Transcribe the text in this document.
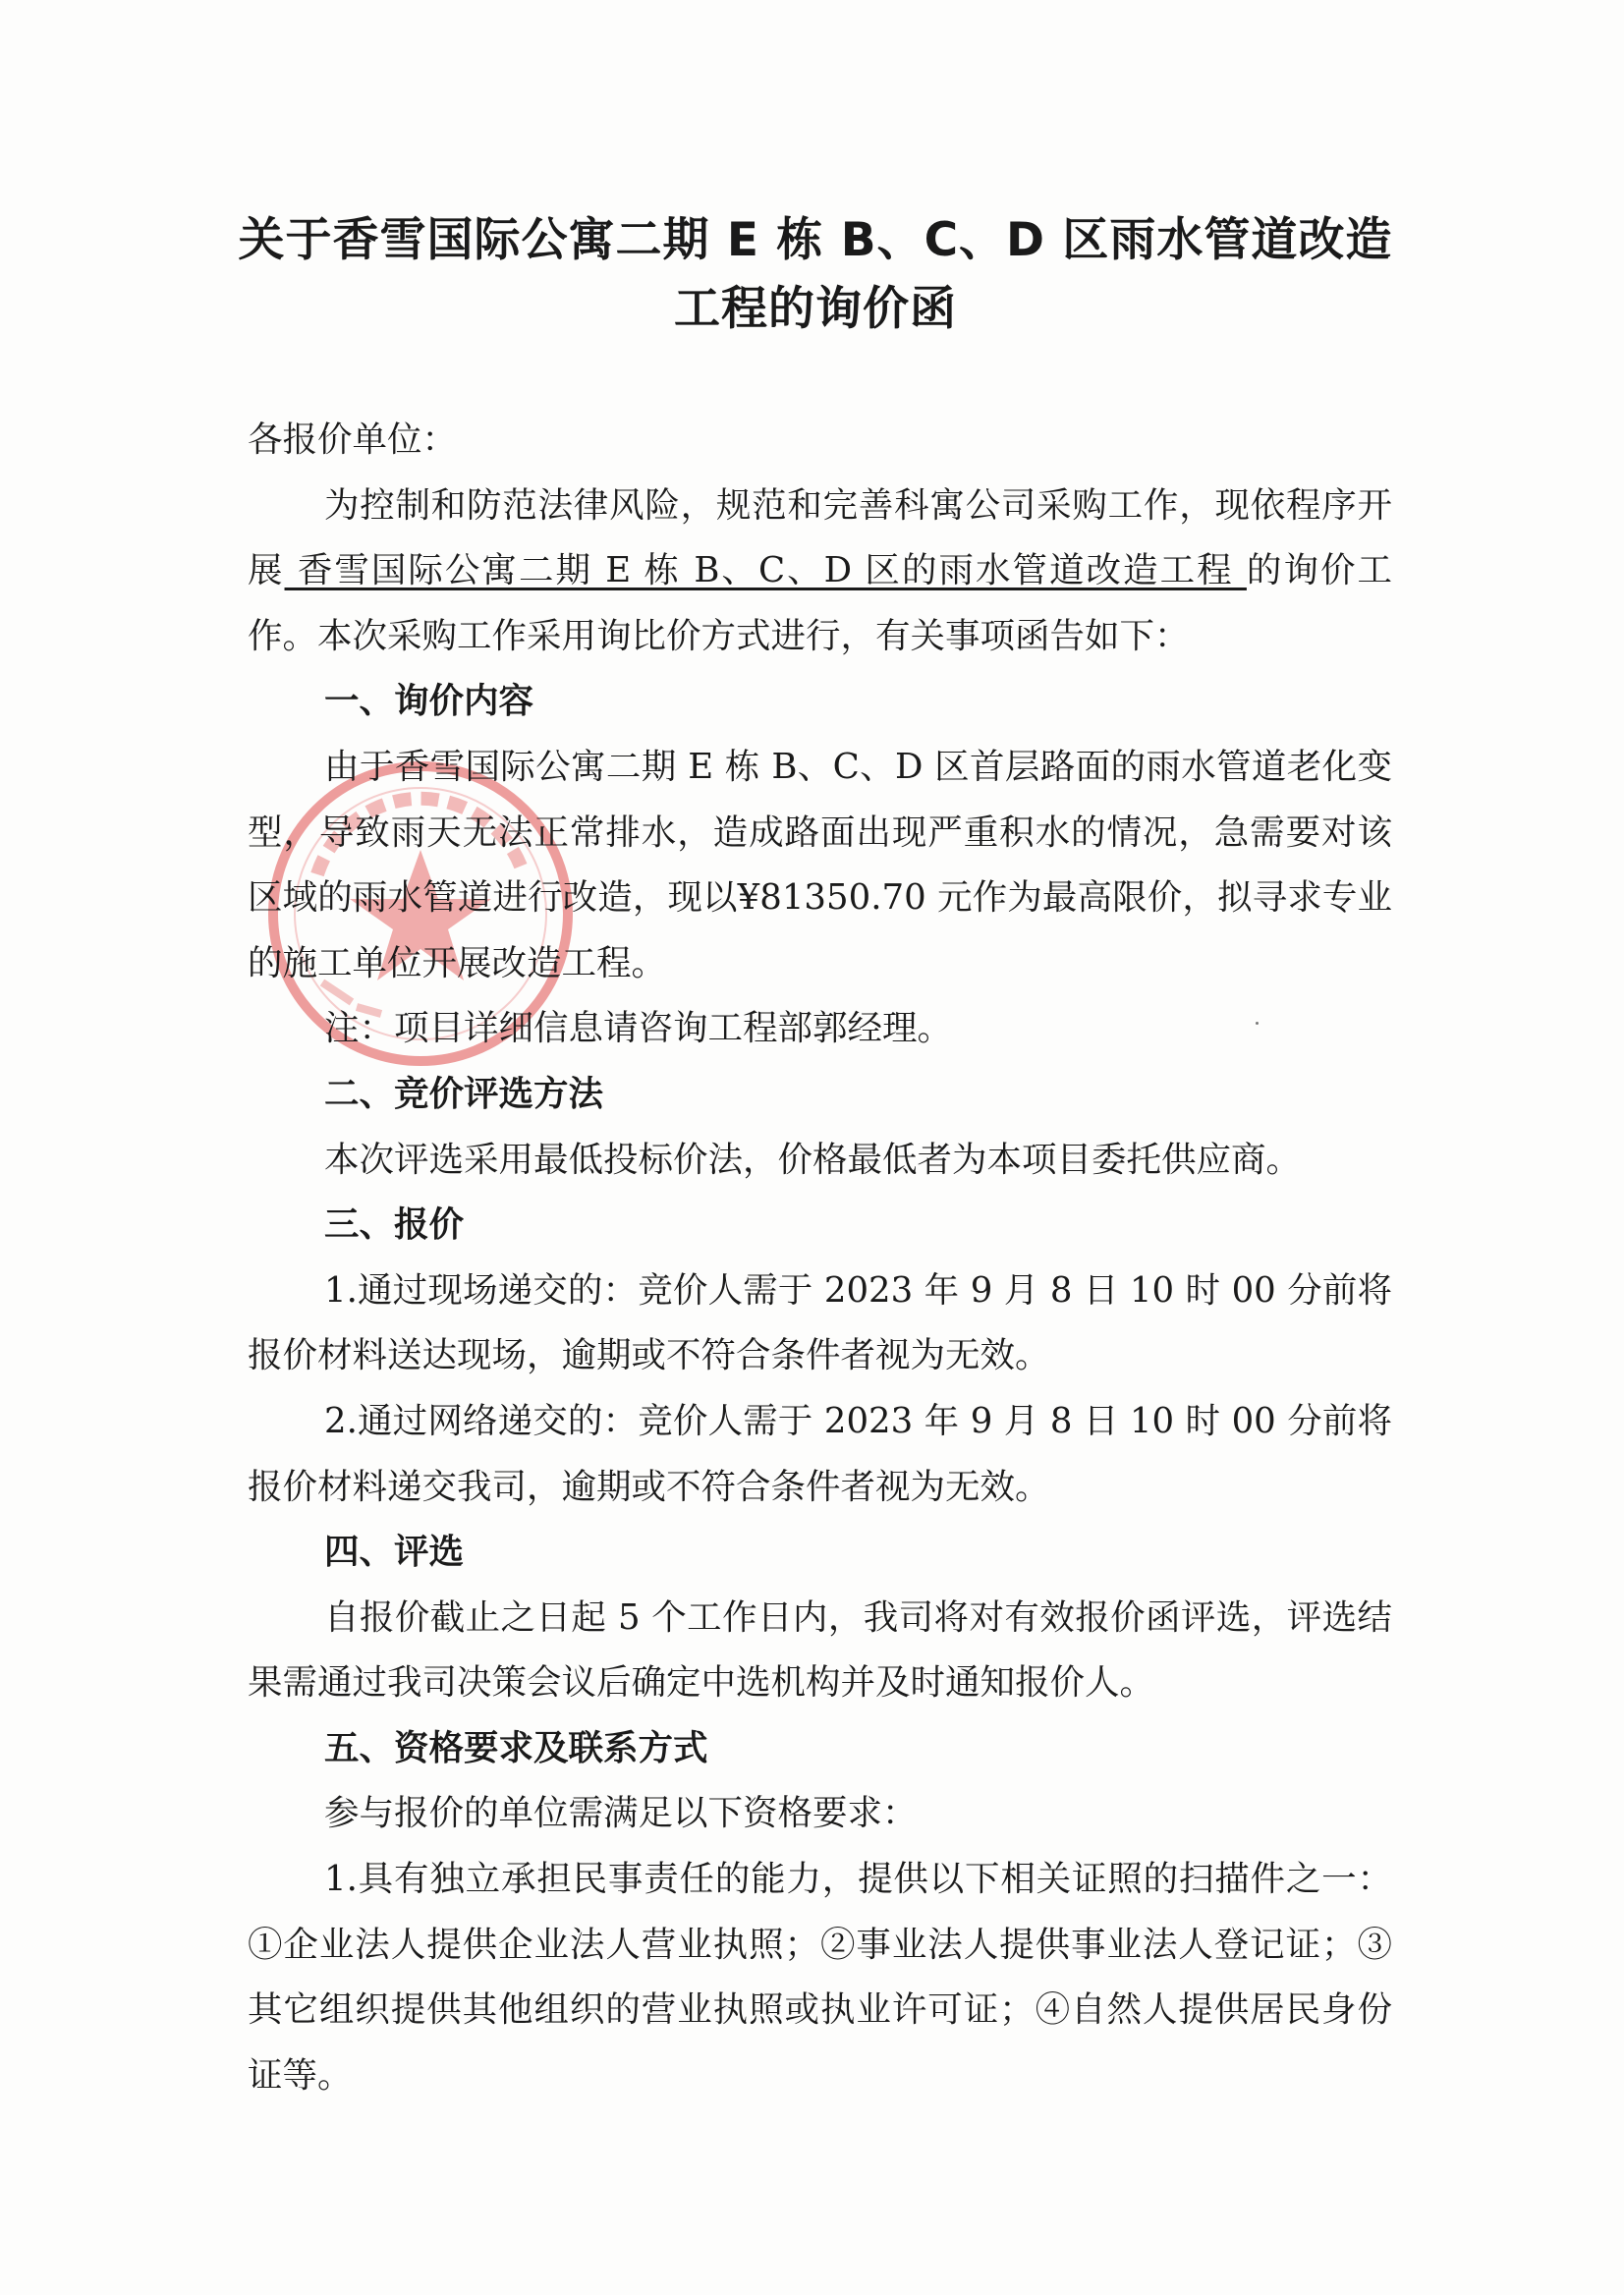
关于香雪国际公寓二期 E 栋 B、C、D 区雨水管道改造
工程的询价函

各报价单位：

为控制和防范法律风险，规范和完善科寓公司采购工作，现依程序开展 香雪国际公寓二期 E 栋 B、C、D 区的雨水管道改造工程 的询价工作。本次采购工作采用询比价方式进行，有关事项函告如下：

一、询价内容

由于香雪国际公寓二期 E 栋 B、C、D 区首层路面的雨水管道老化变型，导致雨天无法正常排水，造成路面出现严重积水的情况，急需要对该区域的雨水管道进行改造，现以¥81350.70 元作为最高限价，拟寻求专业的施工单位开展改造工程。

注：项目详细信息请咨询工程部郭经理。

二、竞价评选方法

本次评选采用最低投标价法，价格最低者为本项目委托供应商。

三、报价

1.通过现场递交的：竞价人需于 2023 年 9 月 8 日 10 时 00 分前将报价材料送达现场，逾期或不符合条件者视为无效。

2.通过网络递交的：竞价人需于 2023 年 9 月 8 日 10 时 00 分前将报价材料递交我司，逾期或不符合条件者视为无效。

四、评选

自报价截止之日起 5 个工作日内，我司将对有效报价函评选，评选结果需通过我司决策会议后确定中选机构并及时通知报价人。

五、资格要求及联系方式

参与报价的单位需满足以下资格要求：

1.具有独立承担民事责任的能力，提供以下相关证照的扫描件之一：①企业法人提供企业法人营业执照；②事业法人提供事业法人登记证；③其它组织提供其他组织的营业执照或执业许可证；④自然人提供居民身份证等。
